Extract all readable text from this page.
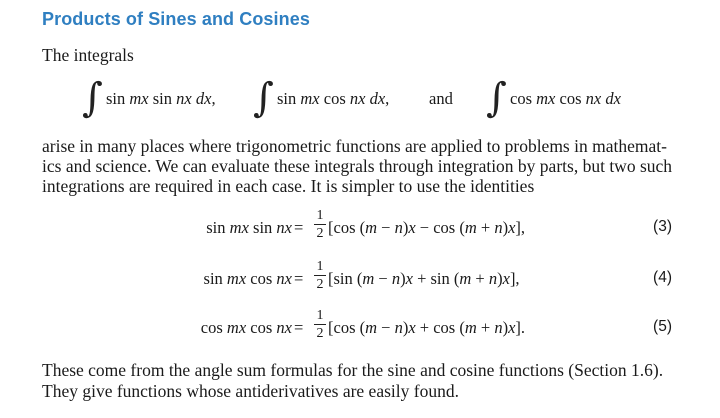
Products of Sines and Cosines
The integrals
∫ sin mx sin nx dx, ∫ sin mx cos nx dx, and ∫ cos mx cos nx dx
arise in many places where trigonometric functions are applied to problems in mathemat-
ics and science. We can evaluate these integrals through integration by parts, but two such
integrations are required in each case. It is simpler to use the identities
sin mx sin nx =
1
2 [cos (m − n)x − cos (m + n)x],	(3)
sin mx cos nx =
1
2 [sin (m − n)x + sin (m + n)x],	(4)
cos mx cos nx =
1
2 [cos (m − n)x + cos (m + n)x].	(5)
These come from the angle sum formulas for the sine and cosine functions (Section 1.6).
They give functions whose antiderivatives are easily found.
